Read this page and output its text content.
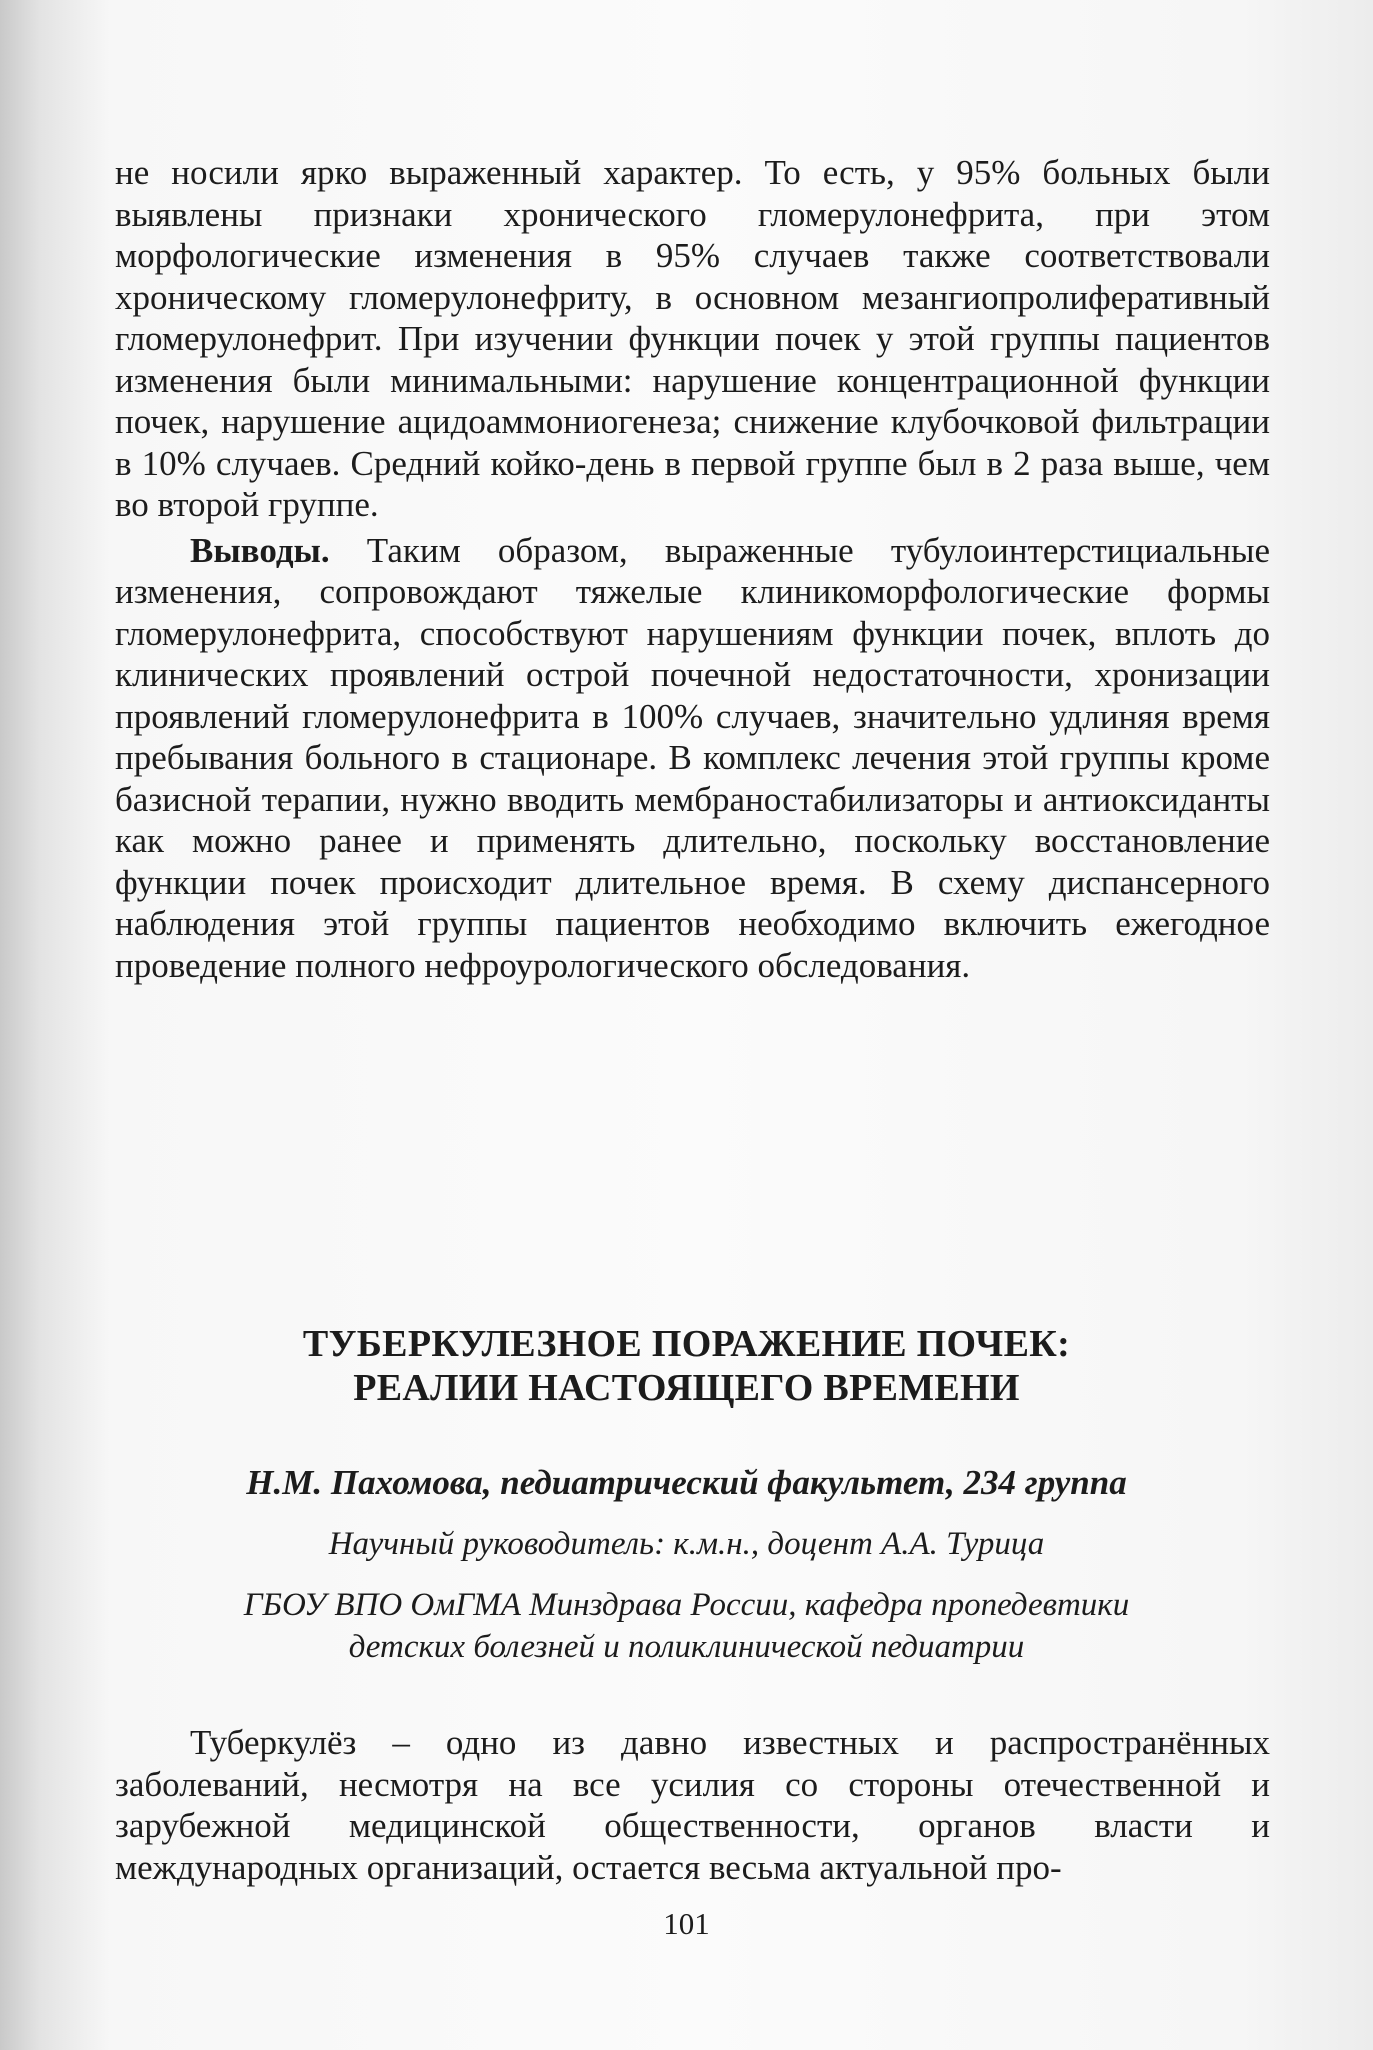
не носили ярко выраженный характер. То есть, у 95% больных были выявлены признаки хронического гломерулонефрита, при этом морфологические изменения в 95% случаев также соответствовали хроническому гломерулонефриту, в основном мезангиопролиферативный гломерулонефрит. При изучении функции почек у этой группы пациентов изменения были минимальными: нарушение концентрационной функции почек, нарушение ацидоаммониогенеза; снижение клубочковой фильтрации в 10% случаев. Средний койко-день в первой группе был в 2 раза выше, чем во второй группе.

Выводы. Таким образом, выраженные тубулоинтерстициальные изменения, сопровождают тяжелые клиникоморфологические формы гломерулонефрита, способствуют нарушениям функции почек, вплоть до клинических проявлений острой почечной недостаточности, хронизации проявлений гломерулонефрита в 100% случаев, значительно удлиняя время пребывания больного в стационаре. В комплекс лечения этой группы кроме базисной терапии, нужно вводить мембраностабилизаторы и антиоксиданты как можно ранее и применять длительно, поскольку восстановление функции почек происходит длительное время. В схему диспансерного наблюдения этой группы пациентов необходимо включить ежегодное проведение полного нефроурологического обследования.

ТУБЕРКУЛЕЗНОЕ ПОРАЖЕНИЕ ПОЧЕК:
РЕАЛИИ НАСТОЯЩЕГО ВРЕМЕНИ
Н.М. Пахомова, педиатрический факультет, 234 группа
Научный руководитель: к.м.н., доцент А.А. Турица
ГБОУ ВПО ОмГМА Минздрава России, кафедра пропедевтики
детских болезней и поликлинической педиатрии

Туберкулёз – одно из давно известных и распространённых заболеваний, несмотря на все усилия со стороны отечественной и зарубежной медицинской общественности, органов власти и международных организаций, остается весьма актуальной про-

101
